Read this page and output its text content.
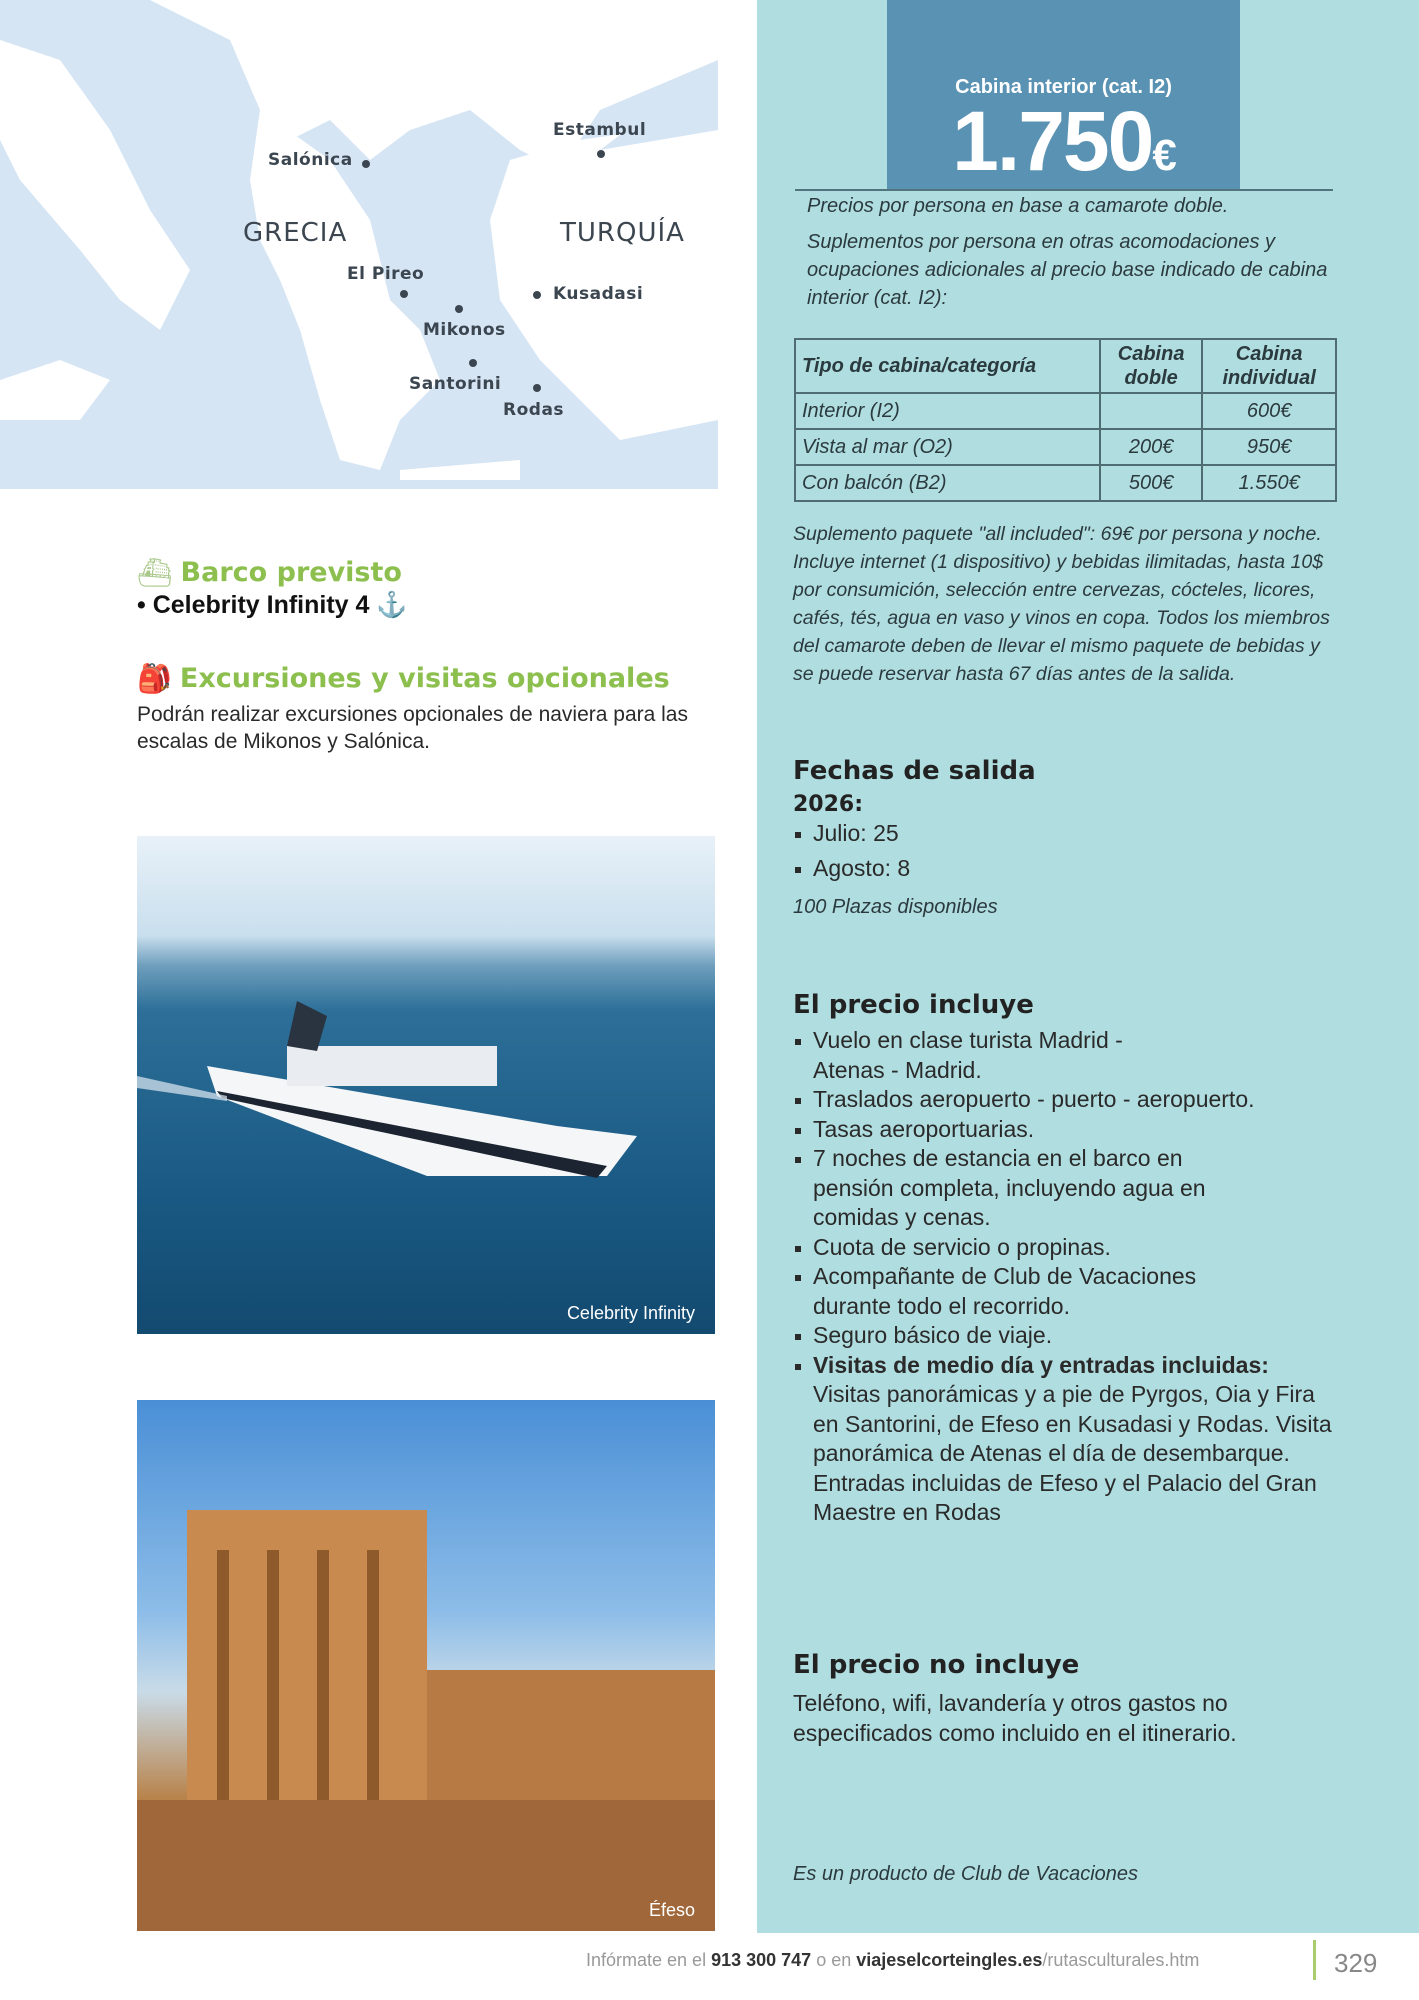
GRECIA	TURQUÍA
Salónica
Estambul
El Pireo
Kusadasi
Mikonos
Santorini
Rodas
⛴ Barco previsto
• Celebrity Infinity 4 ⚓
🎒 Excursiones y visitas opcionales
Podrán realizar excursiones opcionales de naviera para las escalas de Mikonos y Salónica.
Celebrity Infinity
Éfeso
Cabina interior (cat. I2)
1.750€
Precios por persona en base a camarote doble.
Suplementos por persona en otras acomodaciones y ocupaciones adicionales al precio base indicado de cabina interior (cat. I2):
Tipo de cabina/categoría	Cabina doble	Cabina individual
Interior (I2)		600€
Vista al mar (O2)	200€	950€
Con balcón (B2)	500€	1.550€
Suplemento paquete "all included": 69€ por persona y noche. Incluye internet (1 dispositivo) y bebidas ilimitadas, hasta 10$ por consumición, selección entre cervezas, cócteles, licores, cafés, tés, agua en vaso y vinos en copa. Todos los miembros del camarote deben de llevar el mismo paquete de bebidas y se puede reservar hasta 67 días antes de la salida.
Fechas de salida
2026:
Julio: 25
Agosto: 8
100 Plazas disponibles
El precio incluye
Vuelo en clase turista Madrid - Atenas - Madrid.
Traslados aeropuerto - puerto - aeropuerto.
Tasas aeroportuarias.
7 noches de estancia en el barco en pensión completa, incluyendo agua en comidas y cenas.
Cuota de servicio o propinas.
Acompañante de Club de Vacaciones durante todo el recorrido.
Seguro básico de viaje.
Visitas de medio día y entradas incluidas: Visitas panorámicas y a pie de Pyrgos, Oia y Fira en Santorini, de Efeso en Kusadasi y Rodas. Visita panorámica de Atenas el día de desembarque. Entradas incluidas de Efeso y el Palacio del Gran Maestre en Rodas
El precio no incluye
Teléfono, wifi, lavandería y otros gastos no especificados como incluido en el itinerario.
Es un producto de Club de Vacaciones
Infórmate en el 913 300 747 o en viajeselcorteingles.es/rutasculturales.htm	329
